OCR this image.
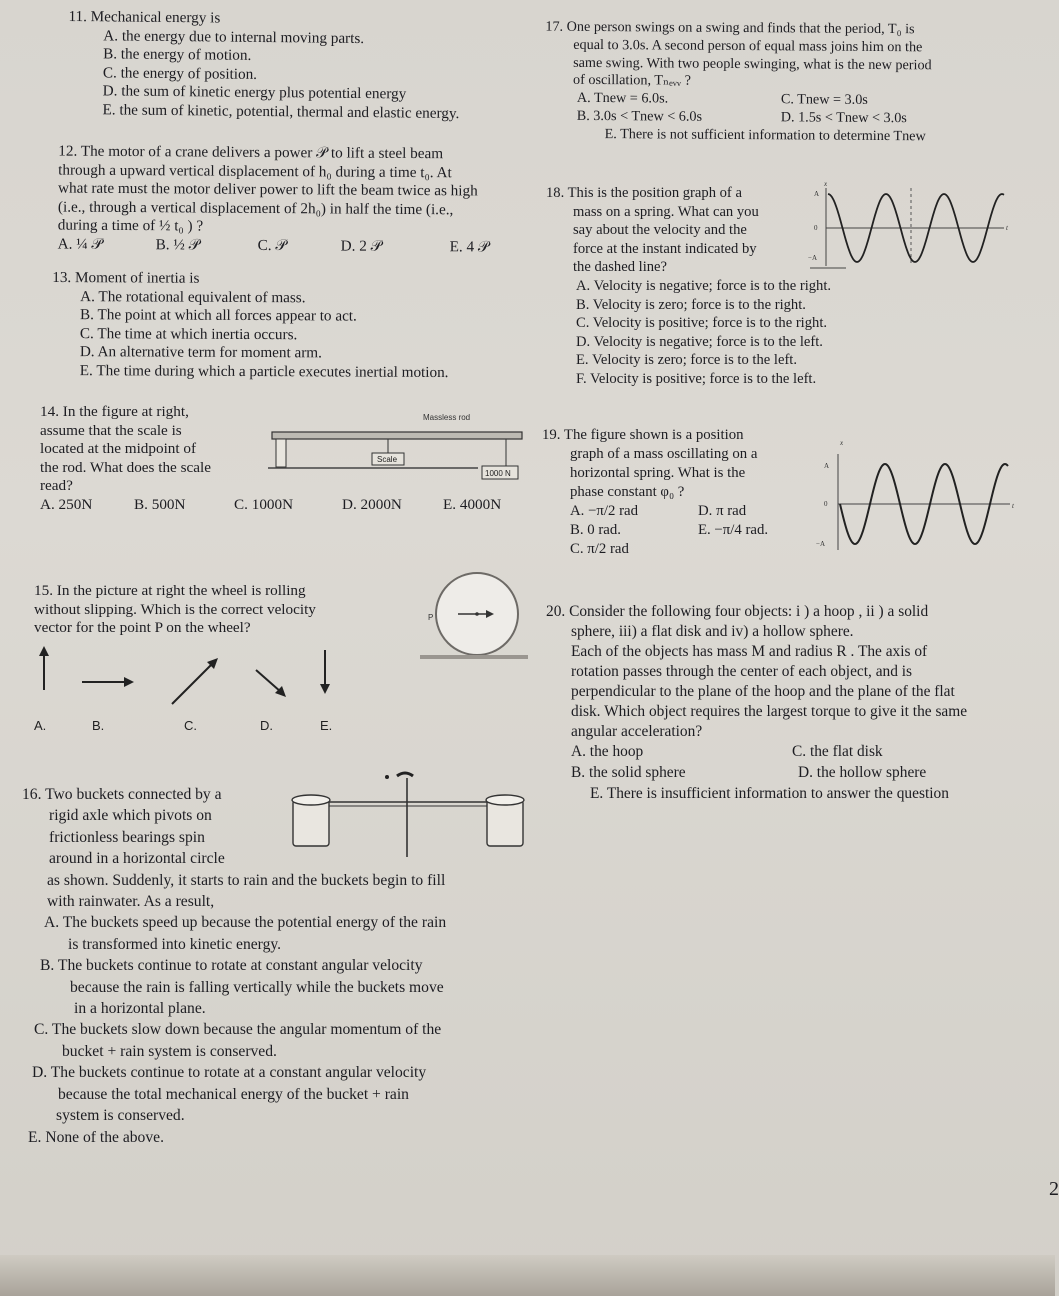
11. Mechanical energy is
A. the energy due to internal moving parts.
B. the energy of motion.
C. the energy of position.
D. the sum of kinetic energy plus potential energy
E. the sum of kinetic, potential, thermal and elastic energy.
12. The motor of a crane delivers a power 𝒫 to lift a steel beam
through a upward vertical displacement of h₀ during a time t₀. At
what rate must the motor deliver power to lift the beam twice as high
(i.e., through a vertical displacement of 2h₀) in half the time (i.e.,
during a time of ½ t₀ ) ?
A. ¼ 𝒫	B. ½ 𝒫	C. 𝒫	D. 2 𝒫	E. 4 𝒫
13. Moment of inertia is
A. The rotational equivalent of mass.
B. The point at which all forces appear to act.
C. The time at which inertia occurs.
D. An alternative term for moment arm.
E. The time during which a particle executes inertial motion.
14. In the figure at right,
assume that the scale is
located at the midpoint of
the rod. What does the scale
read?
A. 250N	B. 500N	C. 1000N	D. 2000N	E. 4000N
Massless rod
Scale
1000 N
15. In the picture at right the wheel is rolling
without slipping. Which is the correct velocity
vector for the point P on the wheel?
P
A.	B.	C.	D.	E.
16. Two buckets connected by a
rigid axle which pivots on
frictionless bearings spin
around in a horizontal circle
as shown. Suddenly, it starts to rain and the buckets begin to fill
with rainwater. As a result,
A. The buckets speed up because the potential energy of the rain
is transformed into kinetic energy.
B. The buckets continue to rotate at constant angular velocity
because the rain is falling vertically while the buckets move
in a horizontal plane.
C. The buckets slow down because the angular momentum of the
bucket + rain system is conserved.
D. The buckets continue to rotate at a constant angular velocity
because the total mechanical energy of the bucket + rain
system is conserved.
E. None of the above.
17. One person swings on a swing and finds that the period, T₀ is
equal to 3.0s. A second person of equal mass joins him on the
same swing. With two people swinging, what is the new period
of oscillation, Tₙₑᵥᵥ ?
A. Tnew = 6.0s.	C. Tnew = 3.0s
B. 3.0s < Tnew < 6.0s	D. 1.5s < Tnew < 3.0s
E. There is not sufficient information to determine Tnew
18. This is the position graph of a
mass on a spring. What can you
say about the velocity and the
force at the instant indicated by
the dashed line?
A. Velocity is negative; force is to the right.
B. Velocity is zero; force is to the right.
C. Velocity is positive; force is to the right.
D. Velocity is negative; force is to the left.
E. Velocity is zero; force is to the left.
F. Velocity is positive; force is to the left.
x
A
0
−A
t
19. The figure shown is a position
graph of a mass oscillating on a
horizontal spring. What is the
phase constant φ₀ ?
A. −π/2 rad	D. π rad
B. 0 rad.	E. −π/4 rad.
C. π/2 rad
x
A
0
−A
t
20. Consider the following four objects: i ) a hoop , ii ) a solid
sphere, iii) a flat disk and iv) a hollow sphere.
Each of the objects has mass M and radius R . The axis of
rotation passes through the center of each object, and is
perpendicular to the plane of the hoop and the plane of the flat
disk. Which object requires the largest torque to give it the same
angular acceleration?
A. the hoop	C. the flat disk
B. the solid sphere	D. the hollow sphere
E. There is insufficient information to answer the question
2
